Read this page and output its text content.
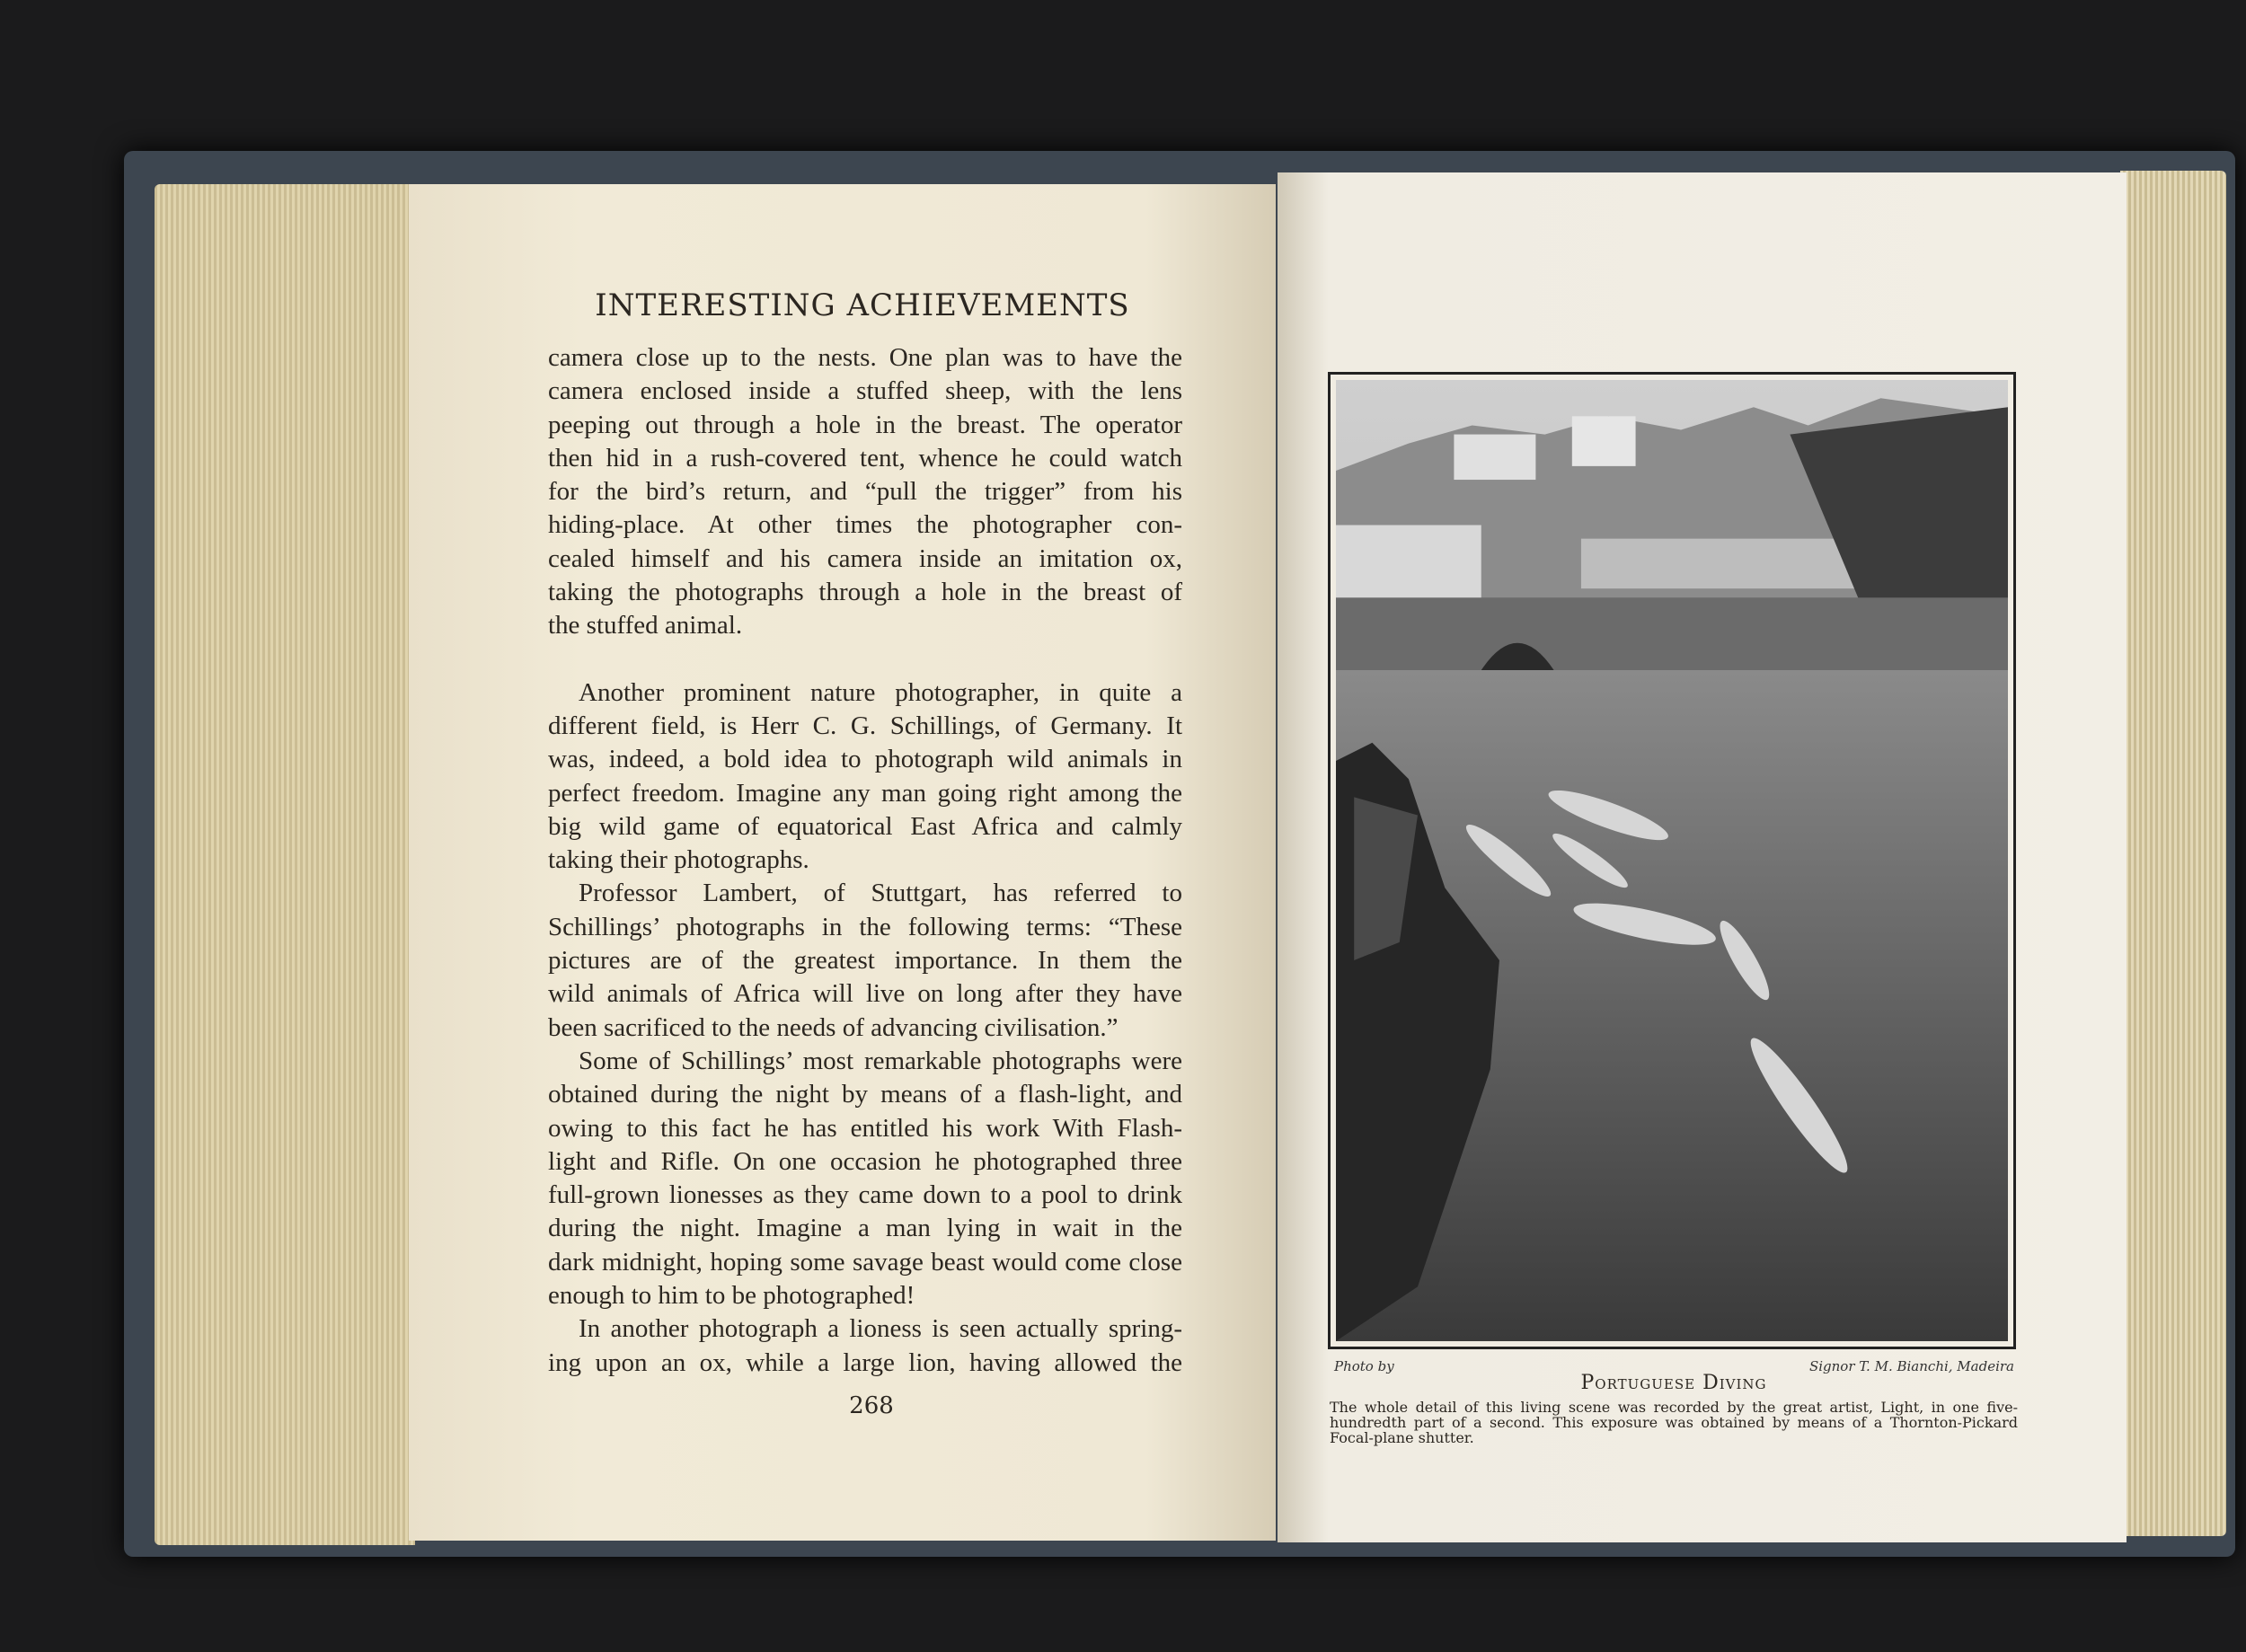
INTERESTING ACHIEVEMENTS
camera close up to the nests. One plan was to have the
camera enclosed inside a stuffed sheep, with the lens
peeping out through a hole in the breast. The operator
then hid in a rush-covered tent, whence he could watch
for the bird’s return, and “pull the trigger” from his
hiding-place. At other times the photographer con-
cealed himself and his camera inside an imitation ox,
taking the photographs through a hole in the breast of
the stuffed animal.
Another prominent nature photographer, in quite a
different field, is Herr C. G. Schillings, of Germany. It
was, indeed, a bold idea to photograph wild animals in
perfect freedom. Imagine any man going right among the
big wild game of equatorical East Africa and calmly
taking their photographs.
Professor Lambert, of Stuttgart, has referred to
Schillings’ photographs in the following terms: “These
pictures are of the greatest importance. In them the
wild animals of Africa will live on long after they have
been sacrificed to the needs of advancing civilisation.”
Some of Schillings’ most remarkable photographs were
obtained during the night by means of a flash-light, and
owing to this fact he has entitled his work With Flash-
light and Rifle. On one occasion he photographed three
full-grown lionesses as they came down to a pool to drink
during the night. Imagine a man lying in wait in the
dark midnight, hoping some savage beast would come close
enough to him to be photographed!
In another photograph a lioness is seen actually spring-
ing upon an ox, while a large lion, having allowed the
268
Photo by	Signor T. M. Bianchi, Madeira
Portuguese Diving
The whole detail of this living scene was recorded by the great artist, Light, in one five-hundredth part of a second. This exposure was obtained by means of a Thornton-Pickard Focal-plane shutter.
